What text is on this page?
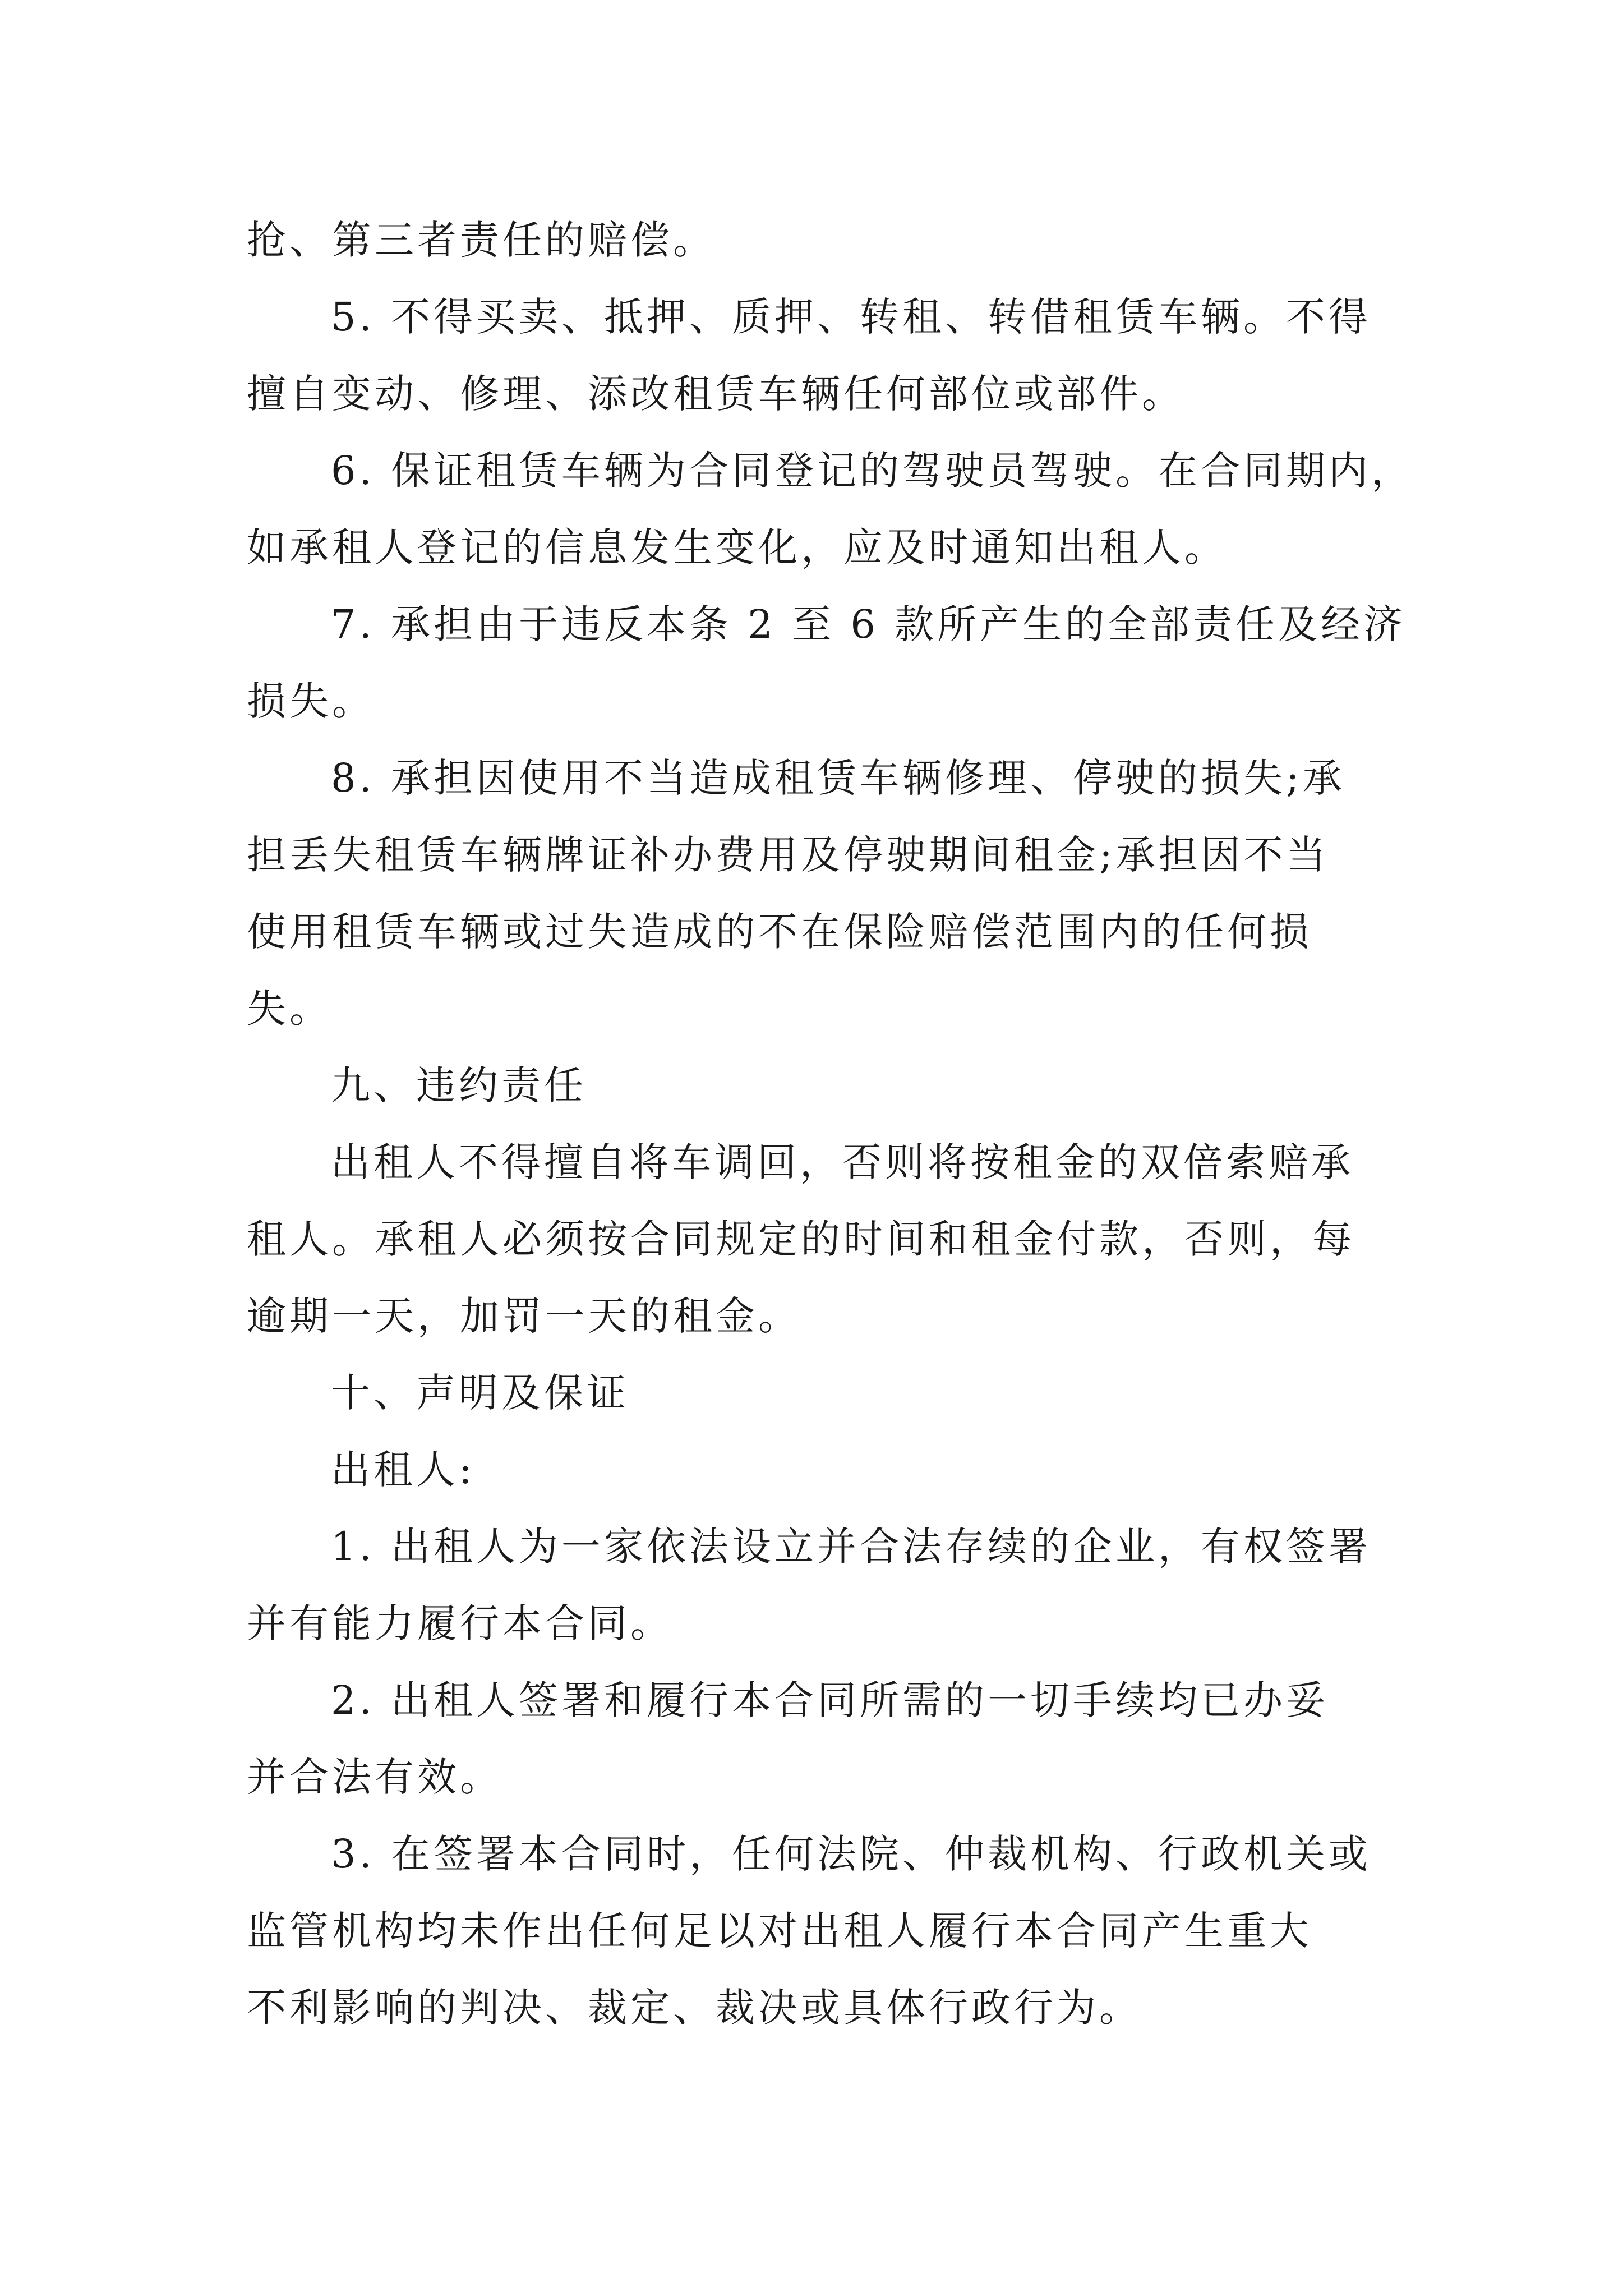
抢、第三者责任的赔偿。
5. 不得买卖、抵押、质押、转租、转借租赁车辆。不得
擅自变动、修理、添改租赁车辆任何部位或部件。
6. 保证租赁车辆为合同登记的驾驶员驾驶。在合同期内，
如承租人登记的信息发生变化，应及时通知出租人。
7. 承担由于违反本条 2 至 6 款所产生的全部责任及经济
损失。
8. 承担因使用不当造成租赁车辆修理、停驶的损失;承
担丢失租赁车辆牌证补办费用及停驶期间租金;承担因不当
使用租赁车辆或过失造成的不在保险赔偿范围内的任何损
失。
九、违约责任
出租人不得擅自将车调回，否则将按租金的双倍索赔承
租人。承租人必须按合同规定的时间和租金付款，否则，每
逾期一天，加罚一天的租金。
十、声明及保证
出租人:
1. 出租人为一家依法设立并合法存续的企业，有权签署
并有能力履行本合同。
2. 出租人签署和履行本合同所需的一切手续均已办妥
并合法有效。
3. 在签署本合同时，任何法院、仲裁机构、行政机关或
监管机构均未作出任何足以对出租人履行本合同产生重大
不利影响的判决、裁定、裁决或具体行政行为。
